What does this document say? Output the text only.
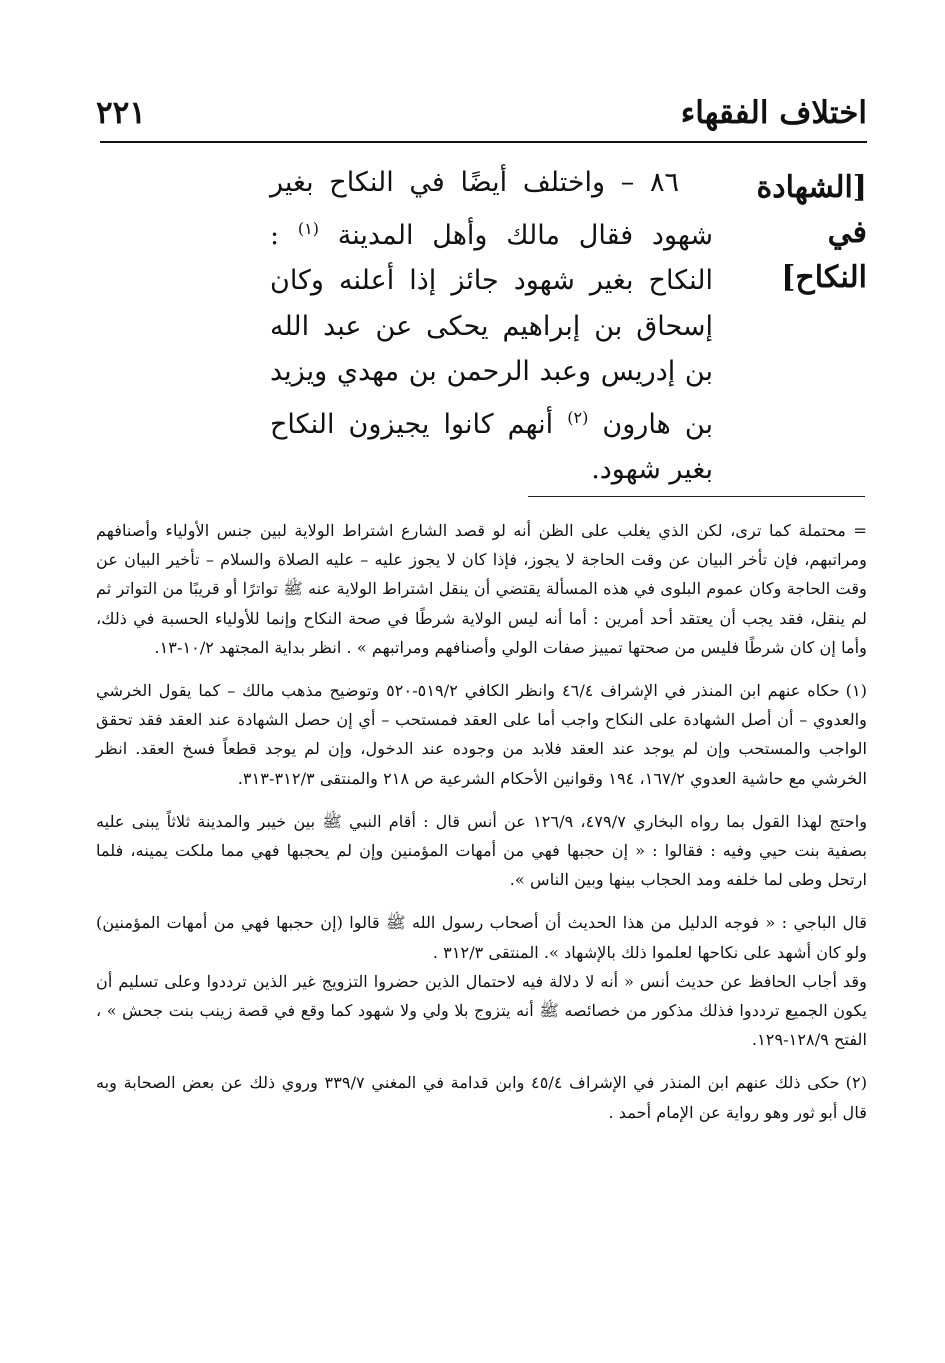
اختلاف الفقهاء
٢٢١
[الشهادة في النكاح]
٨٦ – واختلف أيضًا في النكاح بغير شهود فقال مالك وأهل المدينة $^{(١)}$ : النكاح بغير شهود جائز إذا أعلنه وكان إسحاق بن إبراهيم يحكى عن عبد الله بن إدريس وعبد الرحمن بن مهدي ويزيد بن هارون $^{(٢)}$ أنهم كانوا يجيزون النكاح بغير شهود.

= محتملة كما ترى، لكن الذي يغلب على الظن أنه لو قصد الشارع اشتراط الولاية لبين جنس الأولياء وأصنافهم ومراتبهم، فإن تأخر البيان عن وقت الحاجة لا يجوز، فإذا كان لا يجوز عليه – عليه الصلاة والسلام – تأخير البيان عن وقت الحاجة وكان عموم البلوى في هذه المسألة يقتضي أن ينقل اشتراط الولاية عنه ﷺ تواترًا أو قريبًا من التواتر ثم لم ينقل، فقد يجب أن يعتقد أحد أمرين : أما أنه ليس الولاية شرطًا في صحة النكاح وإنما للأولياء الحسبة في ذلك، وأما إن كان شرطًا فليس من صحتها تمييز صفات الولي وأصنافهم ومراتبهم » . انظر بداية المجتهد ١٠/٢-١٣.

(١)حكاه عنهم ابن المنذر في الإشراف ٤٦/٤ وانظر الكافي ٥١٩/٢-٥٢٠ وتوضيح مذهب مالك – كما يقول الخرشي والعدوي – أن أصل الشهادة على النكاح واجب أما على العقد فمستحب – أي إن حصل الشهادة عند العقد فقد تحقق الواجب والمستحب وإن لم يوجد عند العقد فلابد من وجوده عند الدخول، وإن لم يوجد قطعاً فسخ العقد. انظر الخرشي مع حاشية العدوي ١٦٧/٢، ١٩٤ وقوانين الأحكام الشرعية ص ٢١٨ والمنتقى ٣١٢/٣-٣١٣.

واحتج لهذا القول بما رواه البخاري ٤٧٩/٧، ١٢٦/٩ عن أنس قال : أقام النبي ﷺ بين خيبر والمدينة ثلاثاً يبنى عليه بصفية بنت حيي وفيه : فقالوا : « إن حجبها فهي من أمهات المؤمنين وإن لم يحجبها فهي مما ملكت يمينه، فلما ارتحل وطى لما خلفه ومد الحجاب بينها وبين الناس ».

قال الباجي : « فوجه الدليل من هذا الحديث أن أصحاب رسول الله ﷺ قالوا (إن حجبها فهي من أمهات المؤمنين) ولو كان أشهد على نكاحها لعلموا ذلك بالإشهاد ». المنتقى ٣١٢/٣ .

وقد أجاب الحافظ عن حديث أنس « أنه لا دلالة فيه لاحتمال الذين حضروا التزويج غير الذين ترددوا وعلى تسليم أن يكون الجميع ترددوا فذلك مذكور من خصائصه ﷺ أنه يتزوج بلا ولي ولا شهود كما وقع في قصة زينب بنت جحش » ، الفتح ١٢٨/٩-١٢٩.

(٢)حكى ذلك عنهم ابن المنذر في الإشراف ٤٥/٤ وابن قدامة في المغني ٣٣٩/٧ وروي ذلك عن بعض الصحابة وبه قال أبو ثور وهو رواية عن الإمام أحمد .
